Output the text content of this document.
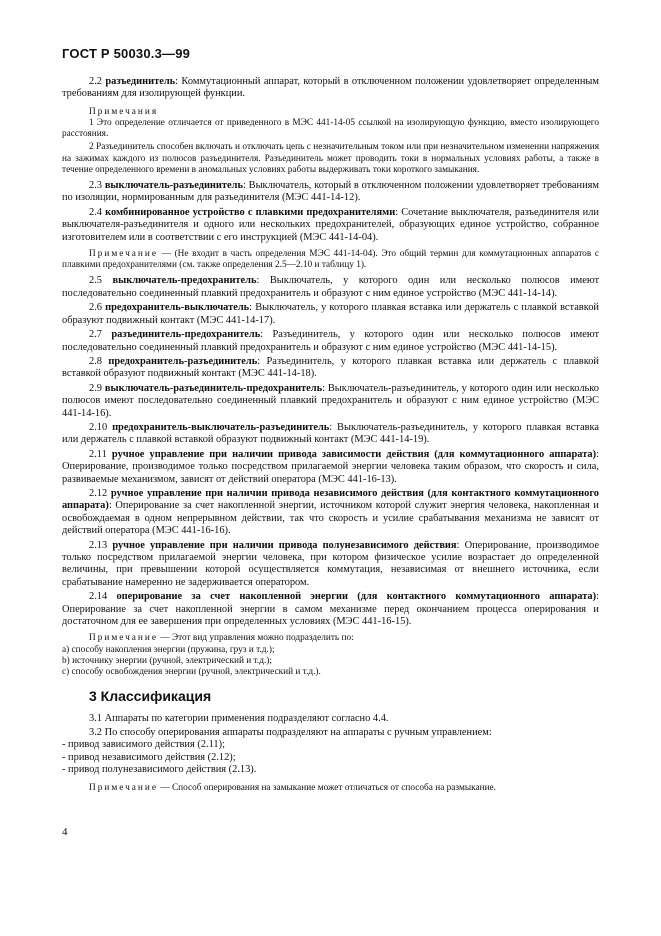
ГОСТ Р 50030.3—99

2.2 разъединитель: Коммутационный аппарат, который в отключенном положении удовлетворяет определенным требованиям для изолирующей функции.

Примечания

1 Это определение отличается от приведенного в МЭС 441-14-05 ссылкой на изолирующую функцию, вместо изолирующего расстояния.

2 Разъединитель способен включать и отключать цепь с незначительным током или при незначительном изменении напряжения на зажимах каждого из полюсов разъединителя. Разъединитель может проводить токи в нормальных условиях работы, а также в течение определенного времени в аномальных условиях работы выдерживать токи короткого замыкания.

2.3 выключатель-разъединитель: Выключатель, который в отключенном положении удовлетворяет требованиям по изоляции, нормированным для разъединителя (МЭС 441-14-12).

2.4 комбинированное устройство с плавкими предохранителями: Сочетание выключателя, разъединителя или выключателя-разъединителя и одного или нескольких предохранителей, образующих единое устройство, собранное изготовителем или в соответствии с его инструкцией (МЭС 441-14-04).

Примечание — (Не входит в часть определения МЭС 441-14-04). Это общий термин для коммутационных аппаратов с плавкими предохранителями (см. также определения 2.5—2.10 и таблицу 1).

2.5 выключатель-предохранитель: Выключатель, у которого один или несколько полюсов имеют последовательно соединенный плавкий предохранитель и образуют с ним единое устройство (МЭС 441-14-14).

2.6 предохранитель-выключатель: Выключатель, у которого плавкая вставка или держатель с плавкой вставкой образуют подвижный контакт (МЭС 441-14-17).

2.7 разъединитель-предохранитель: Разъединитель, у которого один или несколько полюсов имеют последовательно соединенный плавкий предохранитель и образуют с ним единое устройство (МЭС 441-14-15).

2.8 предохранитель-разъединитель: Разъединитель, у которого плавкая вставка или держатель с плавкой вставкой образуют подвижный контакт (МЭС 441-14-18).

2.9 выключатель-разъединитель-предохранитель: Выключатель-разъединитель, у которого один или несколько полюсов имеют последовательно соединенный плавкий предохранитель и образуют с ним единое устройство (МЭС 441-14-16).

2.10 предохранитель-выключатель-разъединитель: Выключатель-разъединитель, у которого плавкая вставка или держатель с плавкой вставкой образуют подвижный контакт (МЭС 441-14-19).

2.11 ручное управление при наличии привода зависимости действия (для коммутационного аппарата): Оперирование, производимое только посредством прилагаемой энергии человека таким образом, что скорость и сила, развиваемые механизмом, зависят от действий оператора (МЭС 441-16-13).

2.12 ручное управление при наличии привода независимого действия (для контактного коммутационного аппарата): Оперирование за счет накопленной энергии, источником которой служит энергия человека, накопленная и освобождаемая в одном непрерывном действии, так что скорость и усилие срабатывания механизма не зависят от действий оператора (МЭС 441-16-16).

2.13 ручное управление при наличии привода полунезависимого действия: Оперирование, производимое только посредством прилагаемой энергии человека, при котором физическое усилие возрастает до определенной величины, при превышении которой осуществляется коммутация, независимая от внешнего источника, если срабатывание намеренно не задерживается оператором.

2.14 оперирование за счет накопленной энергии (для контактного коммутационного аппарата): Оперирование за счет накопленной энергии в самом механизме перед окончанием процесса оперирования и достаточном для ее завершения при определенных условиях (МЭС 441-16-15).

Примечание — Этот вид управления можно подразделить по:

а) способу накопления энергии (пружина, груз и т.д.);
b) источнику энергии (ручной, электрический и т.д.);
с) способу освобождения энергии (ручной, электрический и т.д.).
3 Классификация

3.1 Аппараты по категории применения подразделяют согласно 4.4.

3.2 По способу оперирования аппараты подразделяют на аппараты с ручным управлением:

- привод зависимого действия (2.11);
- привод независимого действия (2.12);
- привод полунезависимого действия (2.13).

Примечание — Способ оперирования на замыкание может отличаться от способа на размыкание.

4
